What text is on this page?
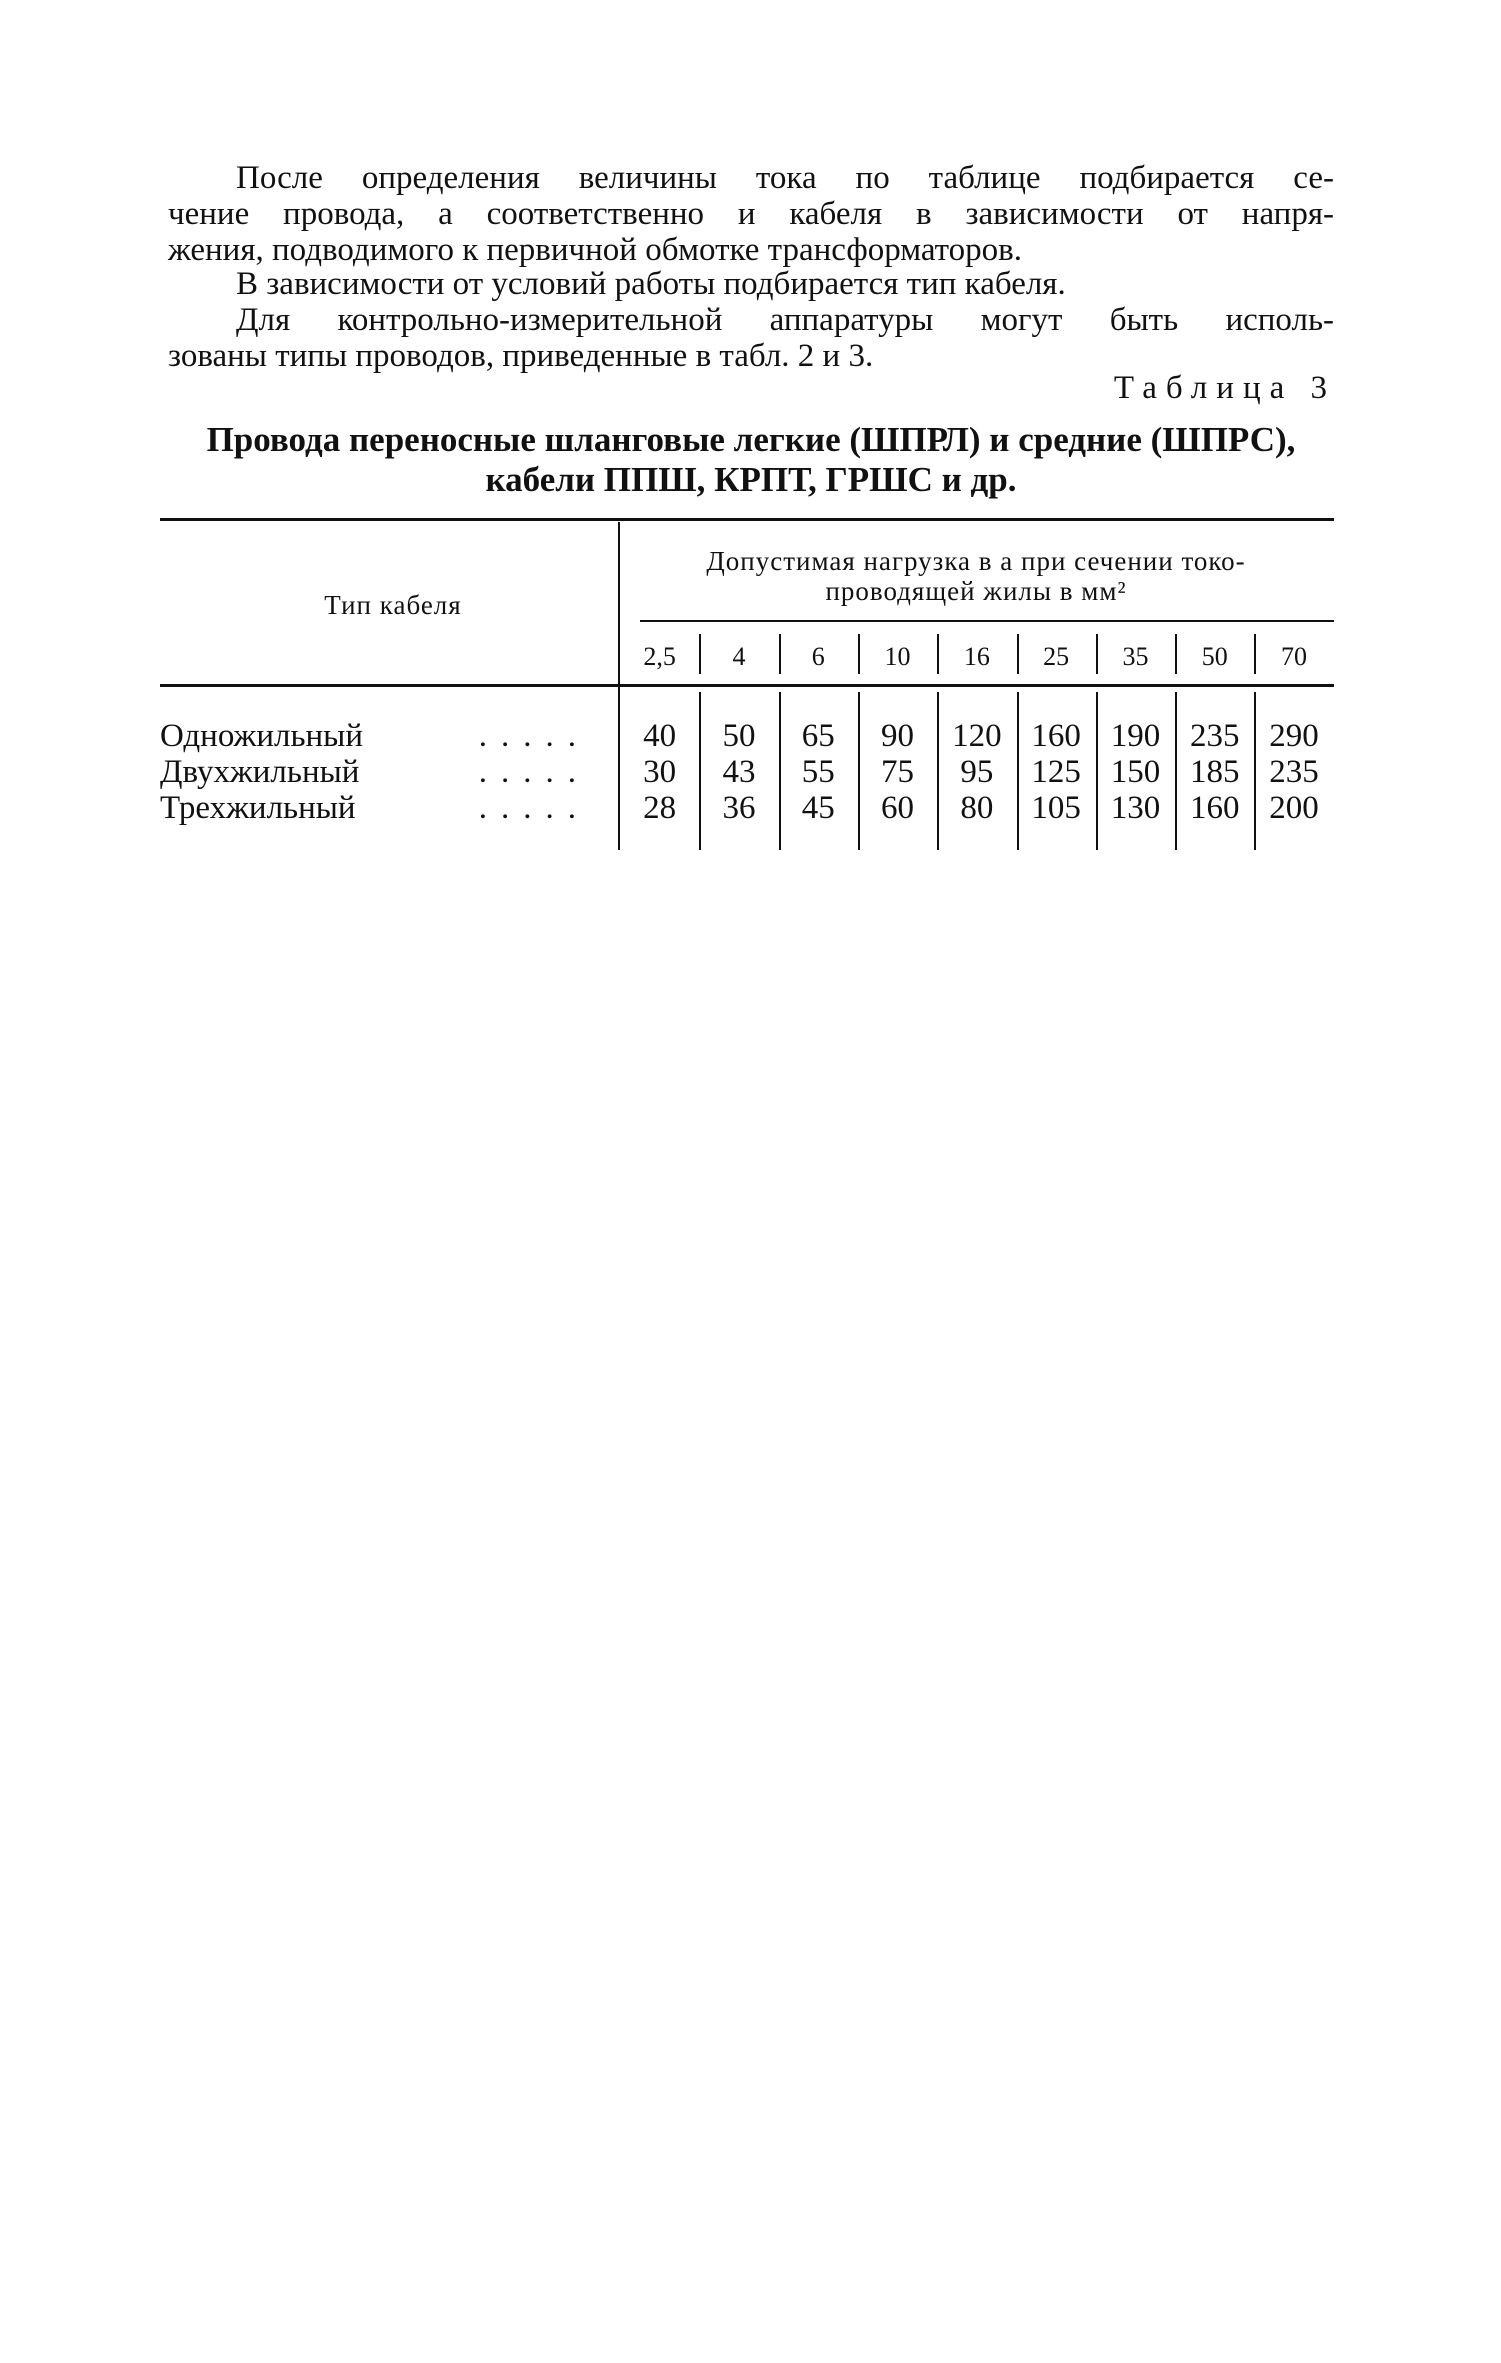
После определения величины тока по таблице подбирается се-
чение провода, а соответственно и кабеля в зависимости от напря-
жения, подводимого к первичной обмотке трансформаторов.

В зависимости от условий работы подбирается тип кабеля.

Для контрольно-измерительной аппаратуры могут быть исполь-
зованы типы проводов, приведенные в табл. 2 и 3.

Таблица 3

Провода переносные шланговые легкие (ШПРЛ) и средние (ШПРС),
кабели ППШ, КРПТ, ГРШС и др.

Тип кабеля
Допустимая нагрузка в а при сечении токо-
проводящей жилы в мм²
2,5	4	6	10	16	25	35	50	70
Одножильный	.....	40	50	65	90	120 160 190 235 290
Двухжильный	.....	30	43	55	75	95	125 150 185 235
Трехжильный	.....	28	36	45	60	80	105 130 160 200
